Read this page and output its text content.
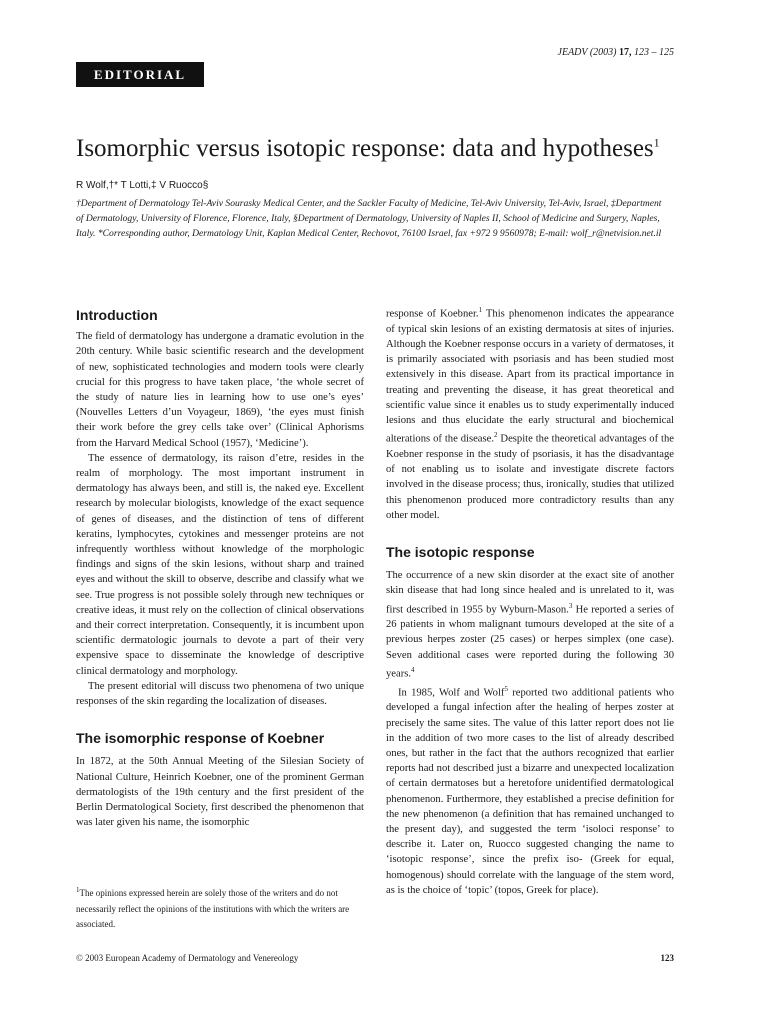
JEADV (2003) 17, 123 – 125
EDITORIAL
Isomorphic versus isotopic response: data and hypotheses$^1$
R Wolf,†* T Lotti,‡ V Ruocco§
†Department of Dermatology Tel-Aviv Sourasky Medical Center, and the Sackler Faculty of Medicine, Tel-Aviv University, Tel-Aviv, Israel, ‡Department of Dermatology, University of Florence, Florence, Italy, §Department of Dermatology, University of Naples II, School of Medicine and Surgery, Naples, Italy. *Corresponding author, Dermatology Unit, Kaplan Medical Center, Rechovot, 76100 Israel, fax +972 9 9560978; E-mail: wolf_r@netvision.net.il
Introduction

The field of dermatology has undergone a dramatic evolution in the 20th century. While basic scientific research and the development of new, sophisticated technologies and modern tools were clearly crucial for this progress to have taken place, ‘the whole secret of the study of nature lies in learning how to use one’s eyes’ (Nouvelles Letters d’un Voyageur, 1869), ‘the eyes must finish their work before the grey cells take over’ (Clinical Aphorisms from the Harvard Medical School (1957), ‘Medicine’).

The essence of dermatology, its raison d’etre, resides in the realm of morphology. The most important instrument in dermatology has always been, and still is, the naked eye. Excellent research by molecular biologists, knowledge of the exact sequence of genes of diseases, and the distinction of tens of different keratins, lymphocytes, cytokines and messenger proteins are not infrequently worthless without knowledge of the morphologic findings and signs of the skin lesions, without sharp and trained eyes and without the skill to observe, describe and classify what we see. True progress is not possible solely through new techniques or creative ideas, it must rely on the collection of clinical observations and their correct interpretation. Consequently, it is incumbent upon scientific dermatologic journals to devote a part of their very expensive space to disseminate the knowledge of descriptive clinical dermatology and morphology.

The present editorial will discuss two phenomena of two unique responses of the skin regarding the localization of diseases.

The isomorphic response of Koebner

In 1872, at the 50th Annual Meeting of the Silesian Society of National Culture, Heinrich Koebner, one of the prominent German dermatologists of the 19th century and the first president of the Berlin Dermatological Society, first described the phenomenon that was later given his name, the isomorphic

response of Koebner.$^1$ This phenomenon indicates the appearance of typical skin lesions of an existing dermatosis at sites of injuries. Although the Koebner response occurs in a variety of dermatoses, it is primarily associated with psoriasis and has been studied most extensively in this disease. Apart from its practical importance in treating and preventing the disease, it has great theoretical and scientific value since it enables us to study experimentally induced lesions and thus elucidate the early structural and biochemical alterations of the disease.$^2$ Despite the theoretical advantages of the Koebner response in the study of psoriasis, it has the disadvantage of not enabling us to isolate and investigate discrete factors involved in the disease process; thus, ironically, studies that utilized this phenomenon produced more contradictory results than any other model.

The isotopic response

The occurrence of a new skin disorder at the exact site of another skin disease that had long since healed and is unrelated to it, was first described in 1955 by Wyburn-Mason.$^3$ He reported a series of 26 patients in whom malignant tumours developed at the site of a previous herpes zoster (25 cases) or herpes simplex (one case). Seven additional cases were reported during the following 30 years.$^4$

In 1985, Wolf and Wolf$^5$ reported two additional patients who developed a fungal infection after the healing of herpes zoster at precisely the same sites. The value of this latter report does not lie in the addition of two more cases to the list of already described ones, but rather in the fact that the authors recognized that earlier reports had not described just a bizarre and unexpected localization of certain dermatoses but a heretofore unidentified dermatological phenomenon. Furthermore, they established a precise definition for the new phenomenon (a definition that has remained unchanged to the present day), and suggested the term ‘isoloci response’ to describe it. Later on, Ruocco suggested changing the name to ‘isotopic response’, since the prefix iso- (Greek for equal, homogenous) should correlate with the language of the stem word, as is the choice of ‘topic’ (topos, Greek for place).

$^1$The opinions expressed herein are solely those of the writers and do not necessarily reflect the opinions of the institutions with which the writers are associated.
© 2003 European Academy of Dermatology and Venereology	123
